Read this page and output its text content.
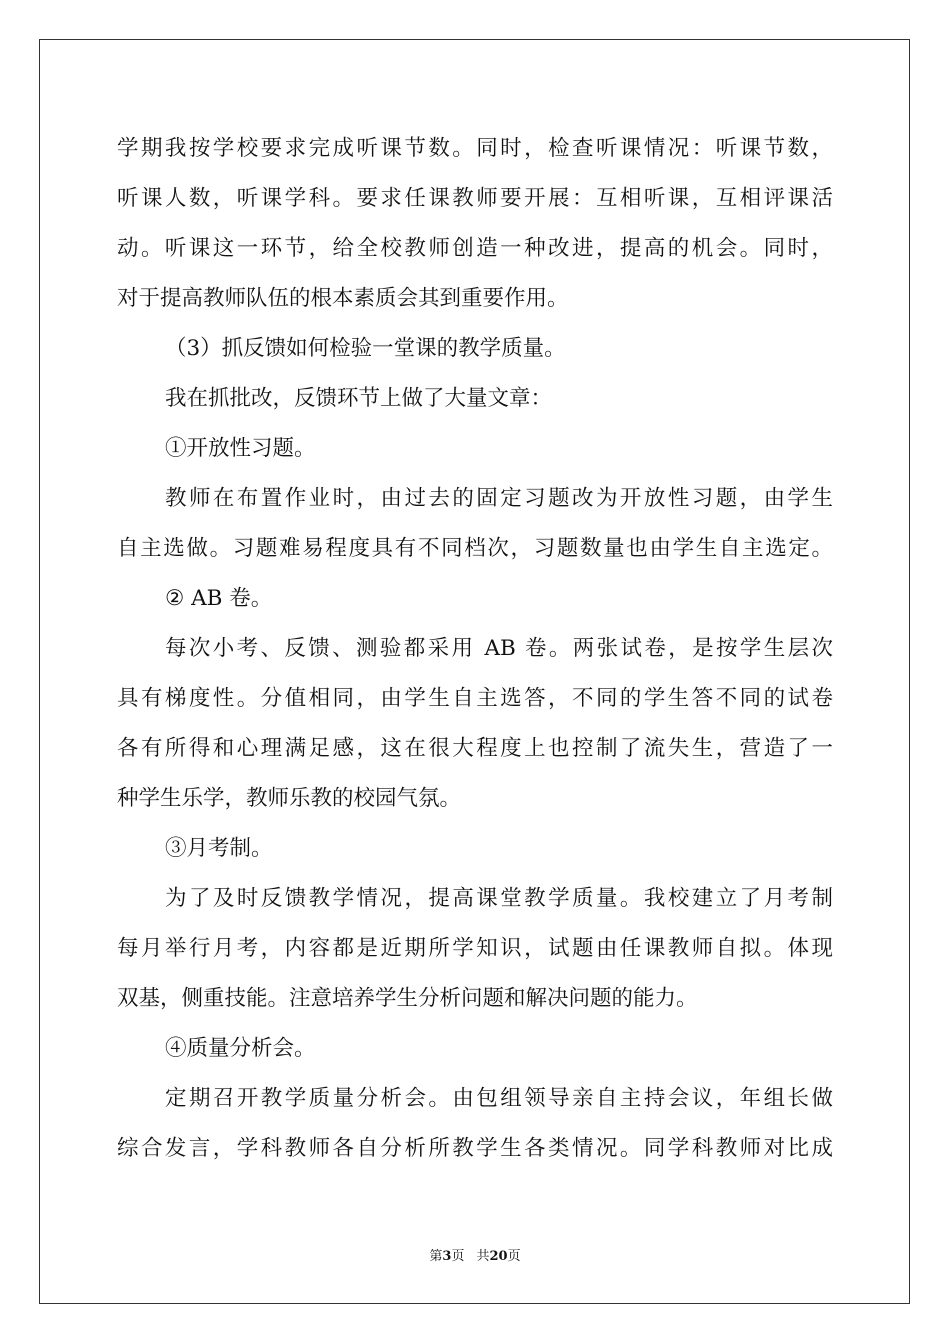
学期我按学校要求完成听课节数。同时，检查听课情况：听课节数，
听课人数，听课学科。要求任课教师要开展：互相听课，互相评课活
动。听课这一环节，给全校教师创造一种改进，提高的机会。同时，
对于提高教师队伍的根本素质会其到重要作用。
（3）抓反馈如何检验一堂课的教学质量。
我在抓批改，反馈环节上做了大量文章：
①开放性习题。
教师在布置作业时，由过去的固定习题改为开放性习题，由学生
自主选做。习题难易程度具有不同档次，习题数量也由学生自主选定。
② AB 卷。
每次小考、反馈、测验都采用 AB 卷。两张试卷，是按学生层次
具有梯度性。分值相同，由学生自主选答，不同的学生答不同的试卷
各有所得和心理满足感，这在很大程度上也控制了流失生，营造了一
种学生乐学，教师乐教的校园气氛。
③月考制。
为了及时反馈教学情况，提高课堂教学质量。我校建立了月考制
每月举行月考，内容都是近期所学知识，试题由任课教师自拟。体现
双基，侧重技能。注意培养学生分析问题和解决问题的能力。
④质量分析会。
定期召开教学质量分析会。由包组领导亲自主持会议，年组长做
综合发言，学科教师各自分析所教学生各类情况。同学科教师对比成
第3页 共20页
